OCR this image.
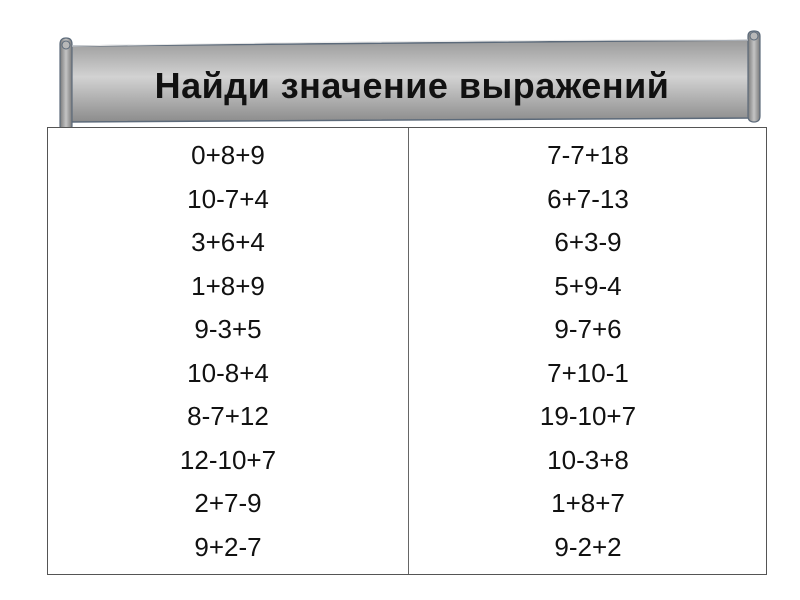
Найди значение выражений
0+8+9
10-7+4
3+6+4
1+8+9
9-3+5
10-8+4
8-7+12
12-10+7
2+7-9
9+2-7
7-7+18
6+7-13
6+3-9
5+9-4
9-7+6
7+10-1
19-10+7
10-3+8
1+8+7
9-2+2
